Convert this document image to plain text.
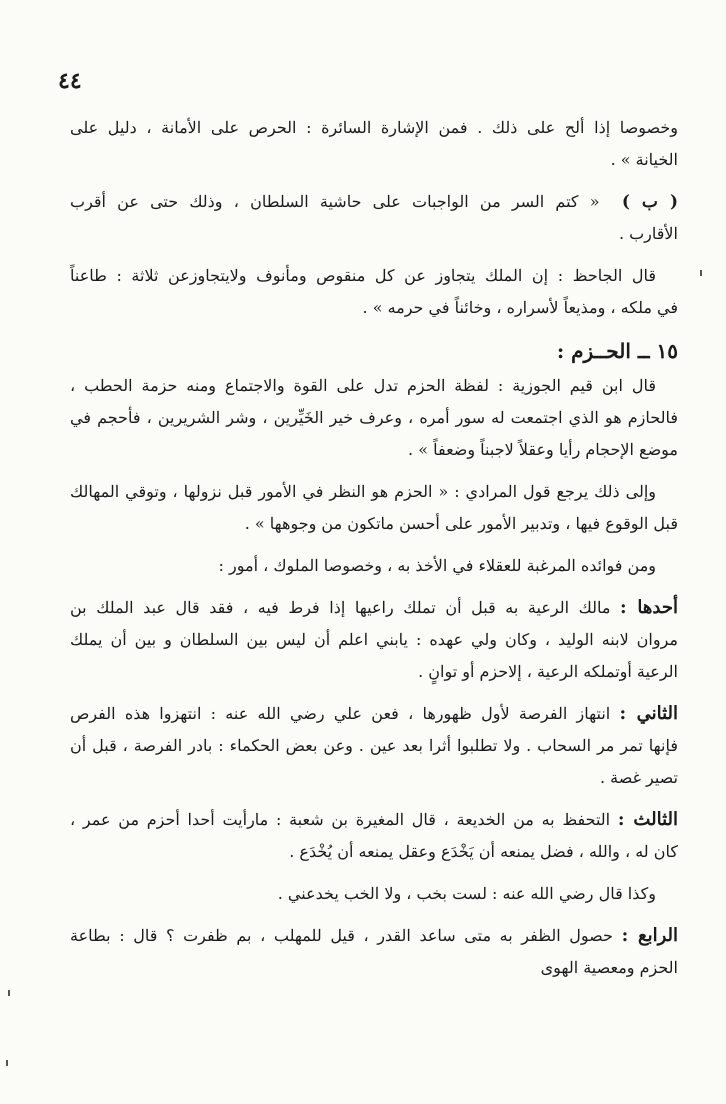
٤٤
وخصوصا إذا ألح على ذلك . فمن الإشارة السائرة : الحرص على الأمانة ، دليل على
الخيانة » .
( ب )  « كتم السر من الواجبات على حاشية السلطان ، وذلك حتى عن أقرب
الأقارب .
قال الجاحظ : إن الملك يتجاوز عن كل منقوص ومأنوف ولايتجاوزعن ثلاثة : طاعناً
في ملكه ، ومذيعاً لأسراره ، وخائناً في حرمه » .
١٥ ــ الحــزم :
قال ابن قيم الجوزية : لفظة الحزم تدل على القوة والاجتماع ومنه حزمة الحطب ،
فالحازم هو الذي اجتمعت له سور أمره ، وعرف خير الخَيِّرين ، وشر الشريرين ، فأحجم في
موضع الإحجام رأيا وعقلاً لاجبناً وضعفاً » .
وإلى ذلك يرجع قول المرادي : « الحزم هو النظر في الأمور قبل نزولها ، وتوقي المهالك
قبل الوقوع فيها ، وتدبير الأمور على أحسن ماتكون من وجوهها » .
ومن فوائده المرغبة للعقلاء في الأخذ به ، وخصوصا الملوك ، أمور :
أحدها : مالك الرعية به قبل أن تملك راعيها إذا فرط فيه ، فقد قال عبد الملك بن
مروان لابنه الوليد ، وكان ولي عهده : يابني اعلم أن ليس بين السلطان و بين أن يملك
الرعية أوتملكه الرعية ، إلاحزم أو توانٍ .
الثاني : انتهاز الفرصة لأول ظهورها ، فعن علي رضي الله عنه : انتهزوا هذه الفرص
فإنها تمر مر السحاب . ولا تطلبوا أثرا بعد عين . وعن بعض الحكماء : بادر الفرصة ، قبل أن
تصير غصة .
الثالث : التحفظ به من الخديعة ، قال المغيرة بن شعبة : مارأيت أحدا أحزم من عمر ،
كان له ، والله ، فضل يمنعه أن يَخْدَع وعقل يمنعه أن يُخْدَع .
وكذا قال رضي الله عنه : لست بخب ، ولا الخب يخدعني .
الرابع : حصول الظفر به متى ساعد القدر ، قيل للمهلب ، بم ظفرت ؟ قال : بطاعة
الحزم ومعصية الهوى
